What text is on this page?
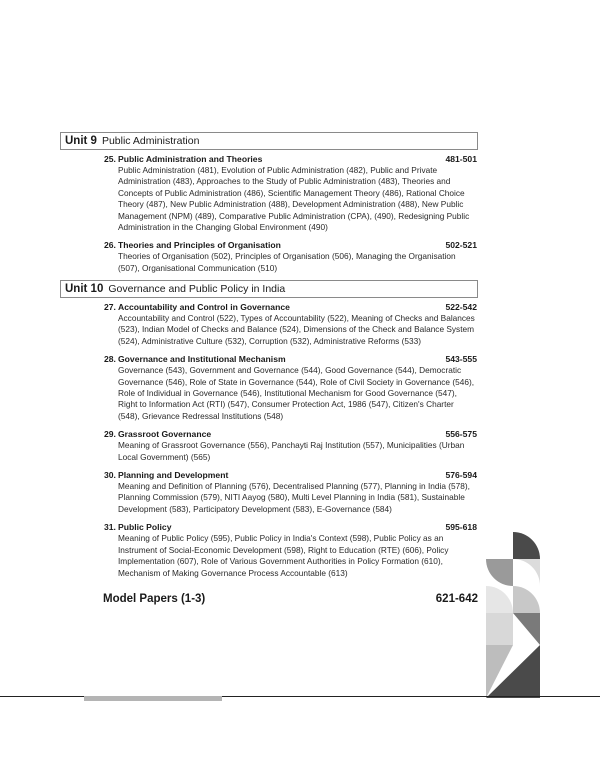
Unit 9 Public Administration
25. Public Administration and Theories	481-501
Public Administration (481), Evolution of Public Administration (482), Public and Private Administration (483), Approaches to the Study of Public Administration (483), Theories and Concepts of Public Administration (486), Scientific Management Theory (486), Rational Choice Theory (487), New Public Administration (488), Development Administration (488), New Public Management (NPM) (489), Comparative Public Administration (CPA), (490), Redesigning Public Administration in the Changing Global Environment (490)
26. Theories and Principles of Organisation	502-521
Theories of Organisation (502), Principles of Organisation (506), Managing the Organisation (507), Organisational Communication (510)
Unit 10 Governance and Public Policy in India
27. Accountability and Control in Governance	522-542
Accountability and Control (522), Types of Accountability (522), Meaning of Checks and Balances (523), Indian Model of Checks and Balance (524), Dimensions of the Check and Balance System (524), Administrative Culture (532), Corruption (532), Administrative Reforms (533)
28. Governance and Institutional Mechanism	543-555
Governance (543), Government and Governance (544), Good Governance (544), Democratic Governance (546), Role of State in Governance (544), Role of Civil Society in Governance (546), Role of Individual in Governance (546), Institutional Mechanism for Good Governance (547), Right to Information Act (RTI) (547), Consumer Protection Act, 1986 (547), Citizen's Charter (548), Grievance Redressal Institutions (548)
29. Grassroot Governance	556-575
Meaning of Grassroot Governance (556), Panchayti Raj Institution (557), Municipalities (Urban Local Government) (565)
30. Planning and Development	576-594
Meaning and Definition of Planning (576), Decentralised Planning (577), Planning in India (578), Planning Commission (579), NITI Aayog (580), Multi Level Planning in India (581), Sustainable Development (583), Participatory Development (583), E-Governance (584)
31. Public Policy	595-618
Meaning of Public Policy (595), Public Policy in India's Context (598), Public Policy as an Instrument of Social-Economic Development (598), Right to Education (RTE) (606), Policy Implementation (607), Role of Various Government Authorities in Policy Formation (610), Mechanism of Making Governance Process Accountable (613)
Model Papers (1-3)	621-642
